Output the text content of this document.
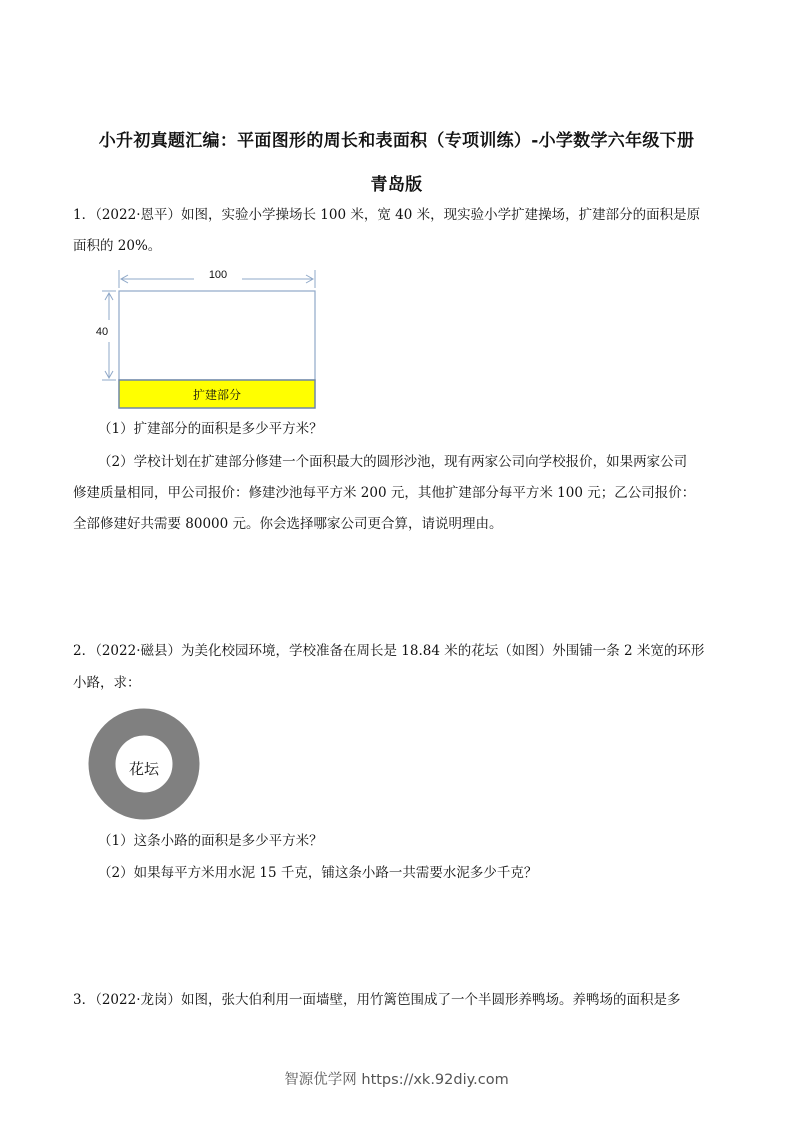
小升初真题汇编：平面图形的周长和表面积（专项训练）-小学数学六年级下册
青岛版
1．（2022·恩平）如图，实验小学操场长 100 米，宽 40 米，现实验小学扩建操场，扩建部分的面积是原
面积的 20%。
100
40
扩建部分
（1）扩建部分的面积是多少平方米？
（2）学校计划在扩建部分修建一个面积最大的圆形沙池，现有两家公司向学校报价，如果两家公司
修建质量相同，甲公司报价：修建沙池每平方米 200 元，其他扩建部分每平方米 100 元；乙公司报价：
全部修建好共需要 80000 元。你会选择哪家公司更合算，请说明理由。
2．（2022·磁县）为美化校园环境，学校准备在周长是 18.84 米的花坛（如图）外围铺一条 2 米宽的环形
小路，求：
花坛
（1）这条小路的面积是多少平方米？
（2）如果每平方米用水泥 15 千克，铺这条小路一共需要水泥多少千克？
3．（2022·龙岗）如图，张大伯利用一面墙壁，用竹篱笆围成了一个半圆形养鸭场。养鸭场的面积是多
智源优学网 https://xk.92diy.com
